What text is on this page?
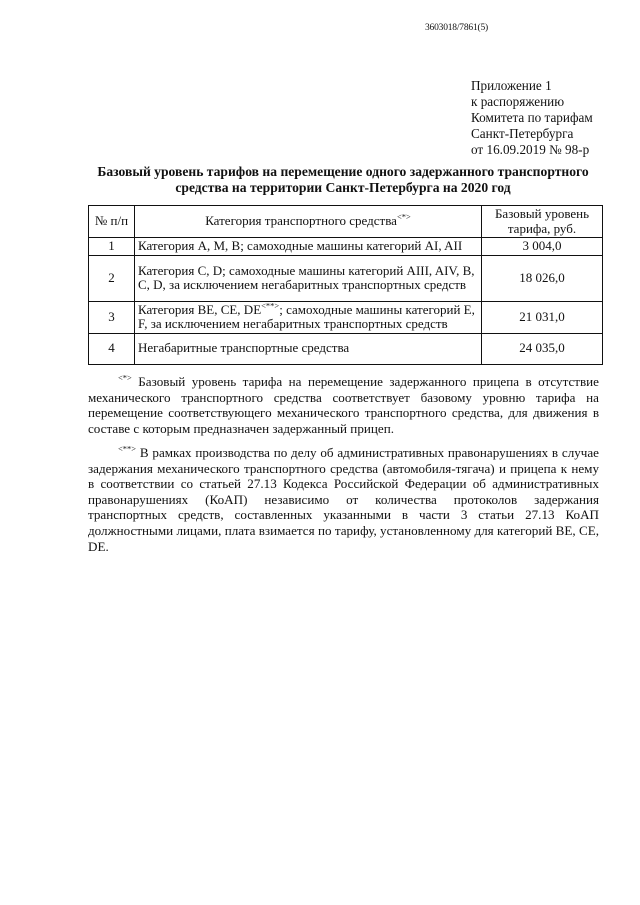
3603018/7861(5)
Приложение 1
к распоряжению
Комитета по тарифам
Санкт-Петербурга
от 16.09.2019 № 98-р
Базовый уровень тарифов на перемещение одного задержанного транспортного
средства на территории Санкт-Петербурга на 2020 год
№ п/п	Категория транспортного средства<*>	Базовый уровень тарифа, руб.
1	Категория А, М, В; самоходные машины категорий AI, AII	3 004,0
2	Категория С, D; самоходные машины категорий AIII, AIV, В, С, D, за исключением негабаритных транспортных средств	18 026,0
3	Категория ВЕ, СЕ, DE<**>; самоходные машины категорий Е, F, за исключением негабаритных транспортных средств	21 031,0
4	Негабаритные транспортные средства	24 035,0
<*> Базовый уровень тарифа на перемещение задержанного прицепа в отсутствие механического транспортного средства соответствует базовому уровню тарифа на перемещение соответствующего механического транспортного средства, для движения в составе с которым предназначен задержанный прицеп.
<**> В рамках производства по делу об административных правонарушениях в случае задержания механического транспортного средства (автомобиля-тягача) и прицепа к нему в соответствии со статьей 27.13 Кодекса Российской Федерации об административных правонарушениях (КоАП) независимо от количества протоколов задержания транспортных средств, составленных указанными в части 3 статьи 27.13 КоАП должностными лицами, плата взимается по тарифу, установленному для категорий ВЕ, СЕ, DE.
